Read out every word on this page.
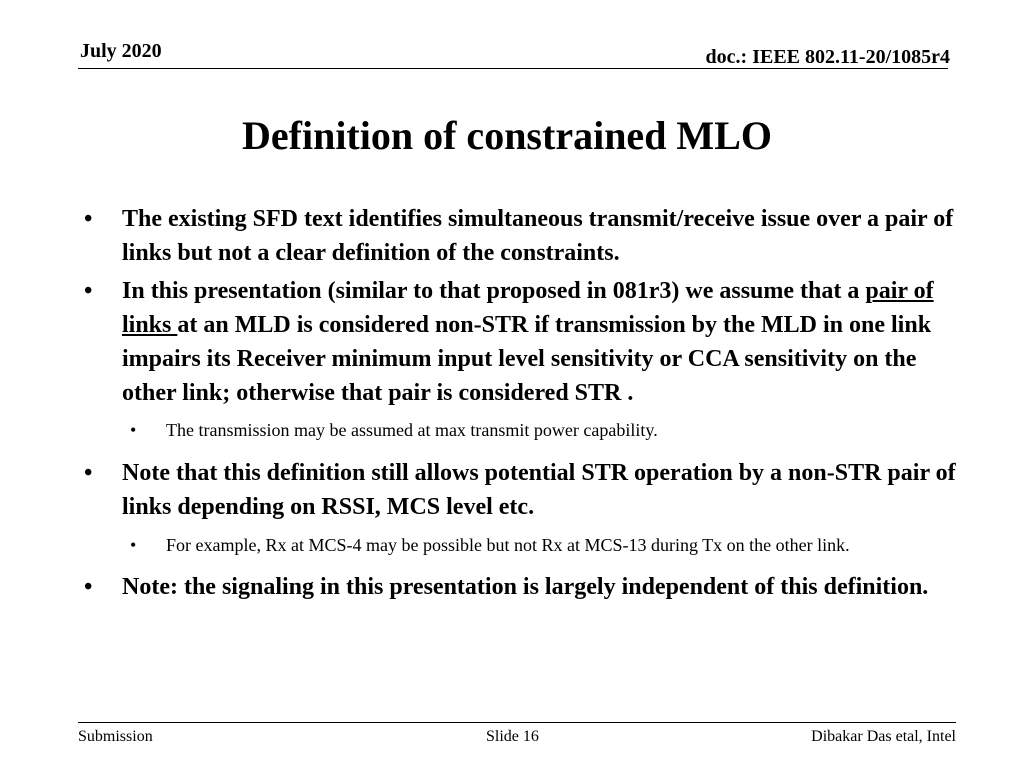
July 2020	doc.: IEEE 802.11-20/1085r4
Definition of constrained MLO
• The existing SFD text identifies simultaneous transmit/receive issue over a pair of links but not a clear definition of the constraints.
• In this presentation (similar to that proposed in 081r3) we assume that a pair of links at an MLD is considered non-STR if transmission by the MLD in one link impairs its Receiver minimum input level sensitivity or CCA sensitivity on the other link; otherwise that pair is considered STR .
• The transmission may be assumed at max transmit power capability.
• Note that this definition still allows potential STR operation by a non-STR pair of links depending on RSSI, MCS level etc.
• For example, Rx at MCS-4 may be possible but not Rx at MCS-13 during Tx on the other link.
• Note: the signaling in this presentation is largely independent of this definition.
Submission	Slide 16	Dibakar Das etal, Intel
